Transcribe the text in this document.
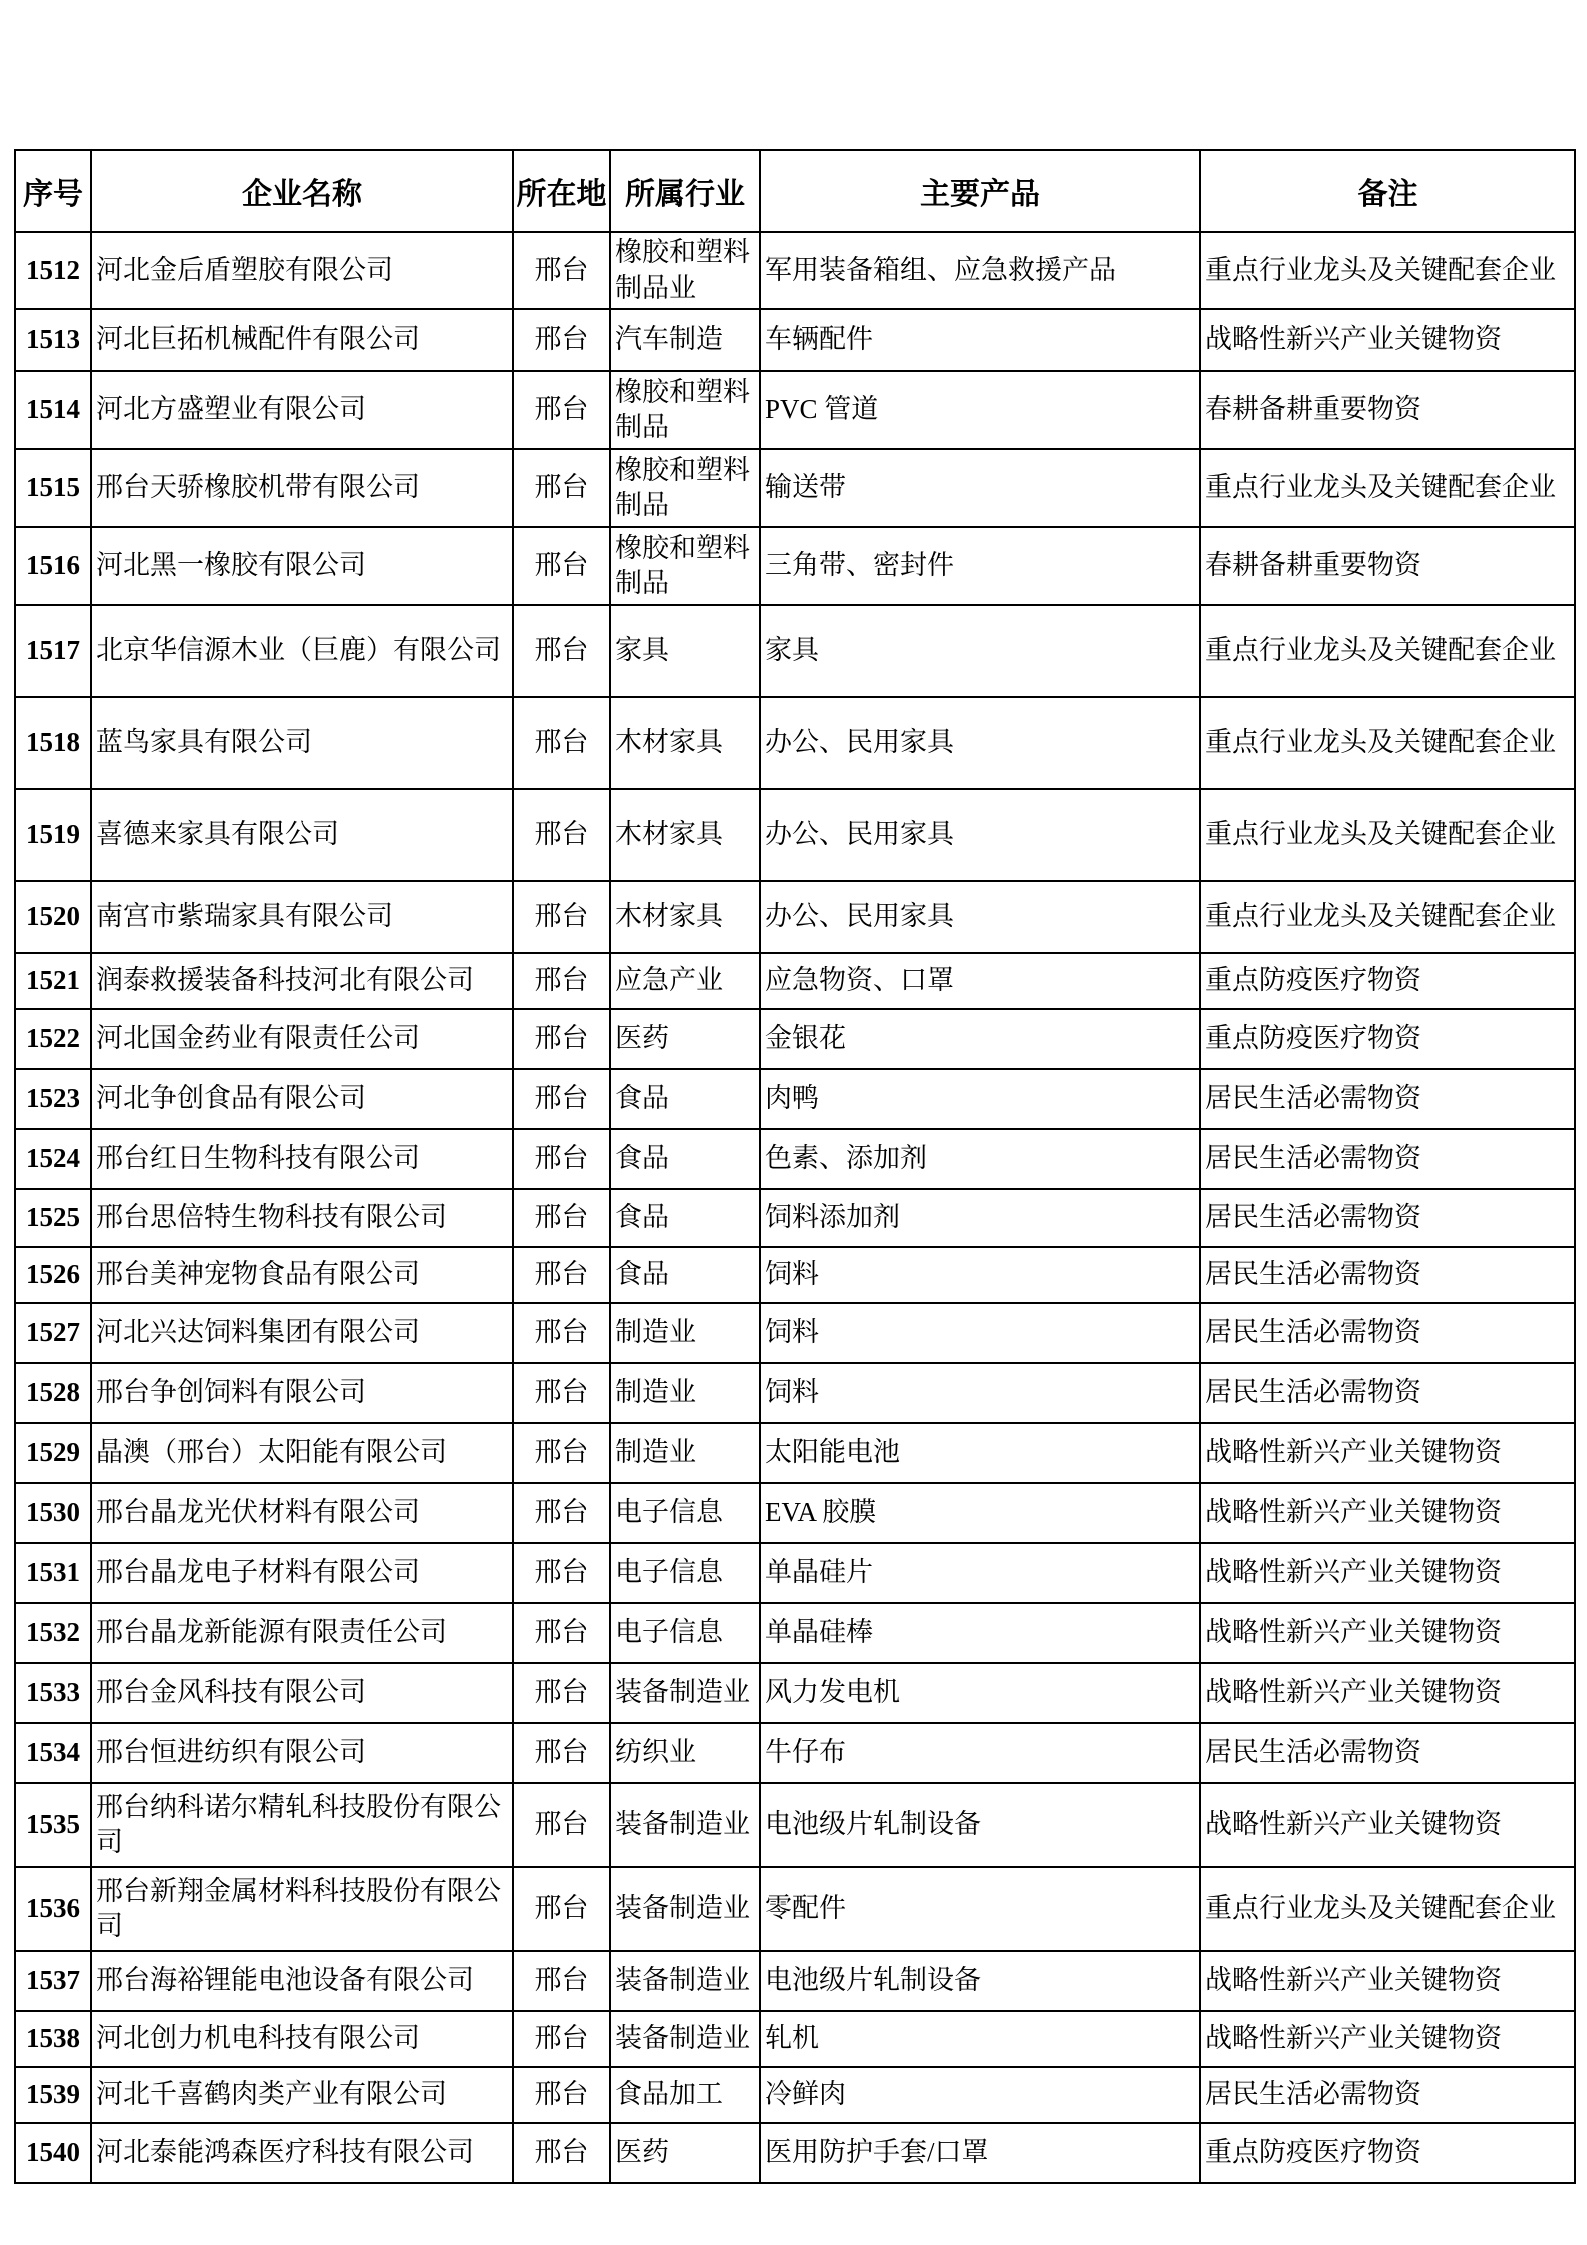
序号	企业名称	所在地	所属行业	主要产品	备注
1512	河北金后盾塑胶有限公司	邢台	橡胶和塑料制品业	军用装备箱组、应急救援产品	重点行业龙头及关键配套企业
1513	河北巨拓机械配件有限公司	邢台	汽车制造	车辆配件	战略性新兴产业关键物资
1514	河北方盛塑业有限公司	邢台	橡胶和塑料制品	PVC 管道	春耕备耕重要物资
1515	邢台天骄橡胶机带有限公司	邢台	橡胶和塑料制品	输送带	重点行业龙头及关键配套企业
1516	河北黑一橡胶有限公司	邢台	橡胶和塑料制品	三角带、密封件	春耕备耕重要物资
1517	北京华信源木业（巨鹿）有限公司	邢台	家具	家具	重点行业龙头及关键配套企业
1518	蓝鸟家具有限公司	邢台	木材家具	办公、民用家具	重点行业龙头及关键配套企业
1519	喜德来家具有限公司	邢台	木材家具	办公、民用家具	重点行业龙头及关键配套企业
1520	南宫市紫瑞家具有限公司	邢台	木材家具	办公、民用家具	重点行业龙头及关键配套企业
1521	润泰救援装备科技河北有限公司	邢台	应急产业	应急物资、口罩	重点防疫医疗物资
1522	河北国金药业有限责任公司	邢台	医药	金银花	重点防疫医疗物资
1523	河北争创食品有限公司	邢台	食品	肉鸭	居民生活必需物资
1524	邢台红日生物科技有限公司	邢台	食品	色素、添加剂	居民生活必需物资
1525	邢台思倍特生物科技有限公司	邢台	食品	饲料添加剂	居民生活必需物资
1526	邢台美神宠物食品有限公司	邢台	食品	饲料	居民生活必需物资
1527	河北兴达饲料集团有限公司	邢台	制造业	饲料	居民生活必需物资
1528	邢台争创饲料有限公司	邢台	制造业	饲料	居民生活必需物资
1529	晶澳（邢台）太阳能有限公司	邢台	制造业	太阳能电池	战略性新兴产业关键物资
1530	邢台晶龙光伏材料有限公司	邢台	电子信息	EVA 胶膜	战略性新兴产业关键物资
1531	邢台晶龙电子材料有限公司	邢台	电子信息	单晶硅片	战略性新兴产业关键物资
1532	邢台晶龙新能源有限责任公司	邢台	电子信息	单晶硅棒	战略性新兴产业关键物资
1533	邢台金风科技有限公司	邢台	装备制造业	风力发电机	战略性新兴产业关键物资
1534	邢台恒进纺织有限公司	邢台	纺织业	牛仔布	居民生活必需物资
1535	邢台纳科诺尔精轧科技股份有限公司	邢台	装备制造业	电池级片轧制设备	战略性新兴产业关键物资
1536	邢台新翔金属材料科技股份有限公司	邢台	装备制造业	零配件	重点行业龙头及关键配套企业
1537	邢台海裕锂能电池设备有限公司	邢台	装备制造业	电池级片轧制设备	战略性新兴产业关键物资
1538	河北创力机电科技有限公司	邢台	装备制造业	轧机	战略性新兴产业关键物资
1539	河北千喜鹤肉类产业有限公司	邢台	食品加工	冷鲜肉	居民生活必需物资
1540	河北泰能鸿森医疗科技有限公司	邢台	医药	医用防护手套/口罩	重点防疫医疗物资
